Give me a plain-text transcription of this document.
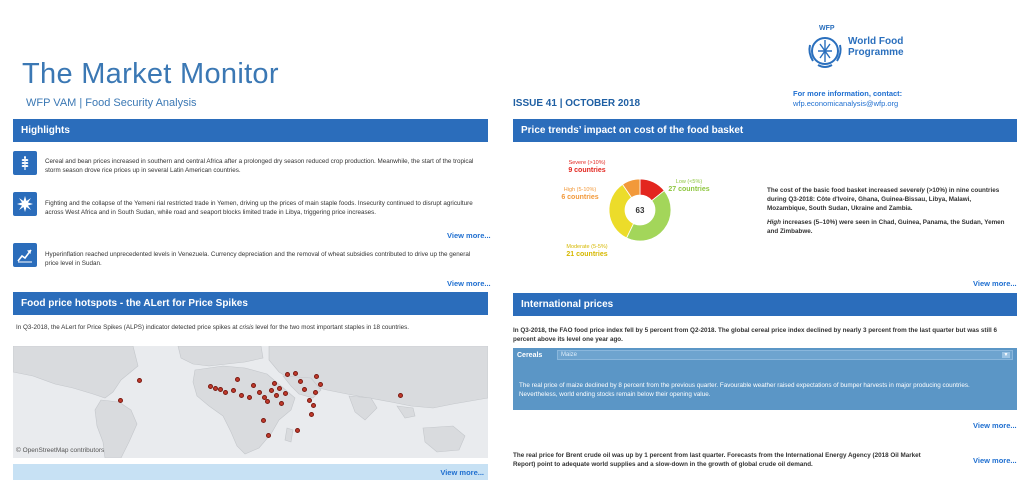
The Market Monitor
WFP VAM | Food Security Analysis	ISSUE 41 | OCTOBER 2018
WFP
World Food
Programme
For more information, contact:
wfp.economicanalysis@wfp.org
Highlights
Cereal and bean prices increased in southern and central Africa after a prolonged dry season reduced crop production. Meanwhile, the start of the tropical storm season drove rice prices up in several Latin American countries.
Fighting and the collapse of the Yemeni rial restricted trade in Yemen, driving up the prices of main staple foods. Insecurity continued to disrupt agriculture across West Africa and in South Sudan, while road and seaport blocks limited trade in Libya, triggering price increases.
View more...
Hyperinflation reached unprecedented levels in Venezuela. Currency depreciation and the removal of wheat subsidies contributed to drive up the general price level in Sudan.
View more...
Food price hotspots - the ALert for Price Spikes
In Q3-2018, the ALert for Price Spikes (ALPS) indicator detected price spikes at crisis level for the two most important staples in 18 countries.
© OpenStreetMap contributors
View more...
Price trends’ impact on cost of the food basket
63
Severe (>10%)
9 countries
Low (<5%)
27 countries
Moderate (5-5%)
21 countries
High (5-10%)
6 countries
The cost of the basic food basket increased severely (>10%) in nine countries during Q3-2018: Côte d'Ivoire, Ghana, Guinea-Bissau, Libya, Malawi, Mozambique, South Sudan, Ukraine and Zambia.
High increases (5–10%) were seen in Chad, Guinea, Panama, the Sudan, Yemen and Zimbabwe.
View more...
International prices
In Q3-2018, the FAO food price index fell by 5 percent from Q2-2018. The global cereal price index declined by nearly 3 percent from the last quarter but was still 6 percent above its level one year ago.
Cereals	Maize	▼
The real price of maize declined by 8 percent from the previous quarter. Favourable weather raised expectations of bumper harvests in major producing countries. Nevertheless, world ending stocks remain below their opening value.
View more...
The real price for Brent crude oil was up by 1 percent from last quarter. Forecasts from the International Energy Agency (2018 Oil Market Report) point to adequate world supplies and a slow-down in the growth of global crude oil demand.	View more...
